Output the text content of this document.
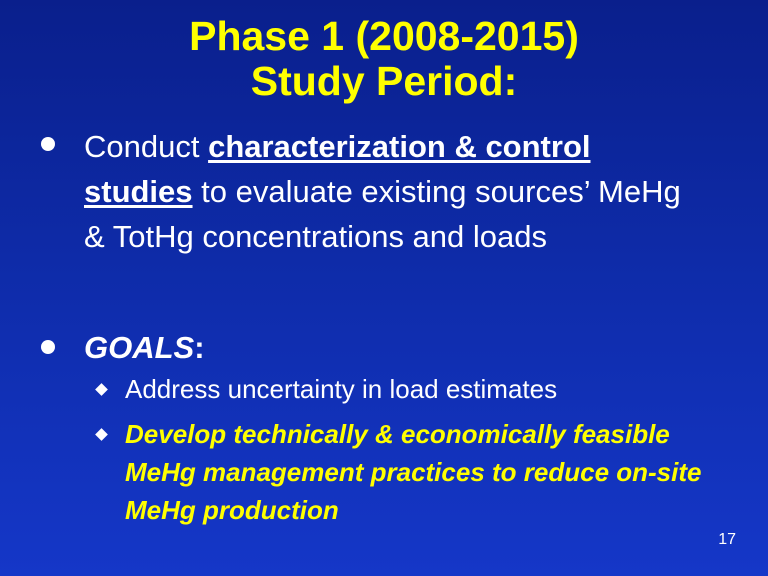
Phase 1 (2008-2015)
Study Period:
Conduct characterization & control studies to evaluate existing sources’ MeHg & TotHg concentrations and loads
GOALS:
Address uncertainty in load estimates
Develop technically & economically feasible MeHg management practices to reduce on-site MeHg production
17
